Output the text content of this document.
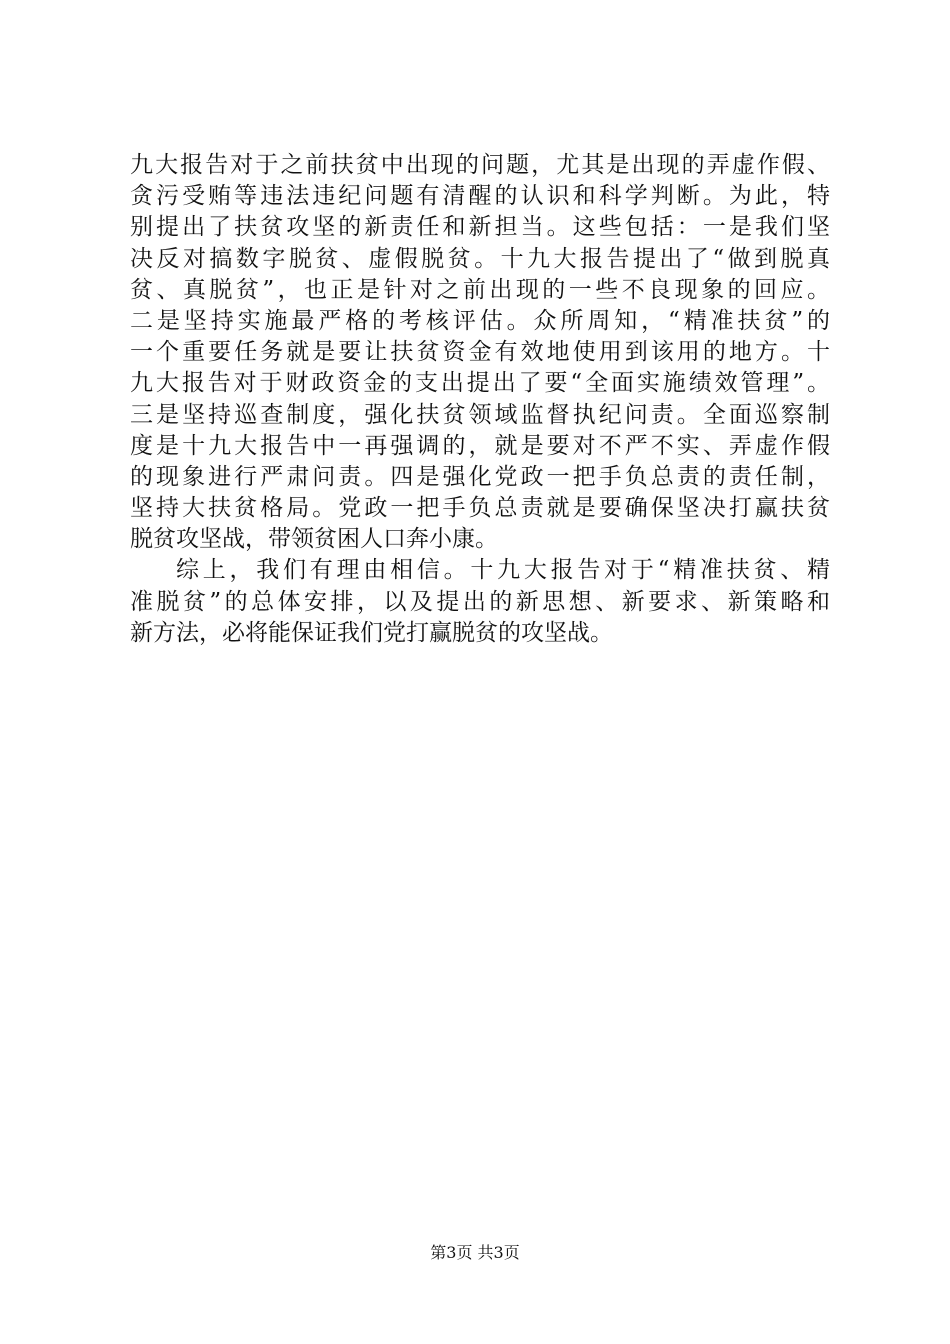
九大报告对于之前扶贫中出现的问题，尤其是出现的弄虚作假、
贪污受贿等违法违纪问题有清醒的认识和科学判断。为此，特
别提出了扶贫攻坚的新责任和新担当。这些包括：一是我们坚
决反对搞数字脱贫、虚假脱贫。十九大报告提出了“做到脱真
贫、真脱贫”，也正是针对之前出现的一些不良现象的回应。
二是坚持实施最严格的考核评估。众所周知，“精准扶贫”的
一个重要任务就是要让扶贫资金有效地使用到该用的地方。十
九大报告对于财政资金的支出提出了要“全面实施绩效管理”。
三是坚持巡查制度，强化扶贫领域监督执纪问责。全面巡察制
度是十九大报告中一再强调的，就是要对不严不实、弄虚作假
的现象进行严肃问责。四是强化党政一把手负总责的责任制，
坚持大扶贫格局。党政一把手负总责就是要确保坚决打赢扶贫
脱贫攻坚战，带领贫困人口奔小康。
综上，我们有理由相信。十九大报告对于“精准扶贫、精
准脱贫”的总体安排，以及提出的新思想、新要求、新策略和
新方法，必将能保证我们党打赢脱贫的攻坚战。
第3页 共3页
